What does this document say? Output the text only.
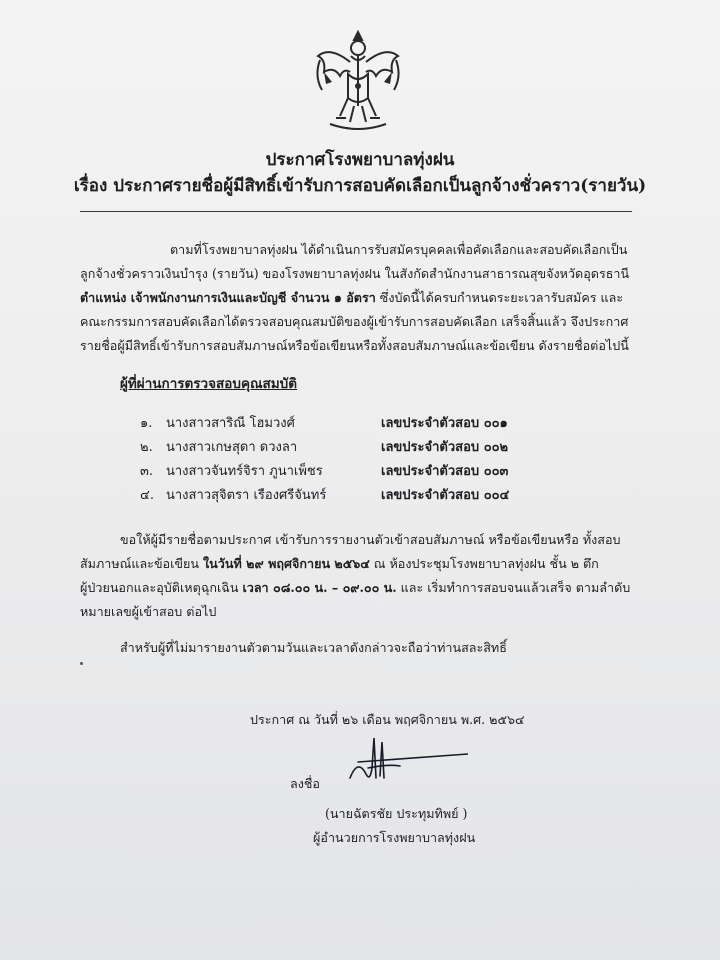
ประกาศโรงพยาบาลทุ่งฝน
เรื่อง ประกาศรายชื่อผู้มีสิทธิ์เข้ารับการสอบคัดเลือกเป็นลูกจ้างชั่วคราว(รายวัน)
ตามที่โรงพยาบาลทุ่งฝน ได้ดำเนินการรับสมัครบุคคลเพื่อคัดเลือกและสอบคัดเลือกเป็น
ลูกจ้างชั่วคราวเงินบำรุง (รายวัน) ของโรงพยาบาลทุ่งฝน ในสังกัดสำนักงานสาธารณสุขจังหวัดอุดรธานี
ตำแหน่ง เจ้าพนักงานการเงินและบัญชี จำนวน ๑ อัตรา ซึ่งบัดนี้ได้ครบกำหนดระยะเวลารับสมัคร และ
คณะกรรมการสอบคัดเลือกได้ตรวจสอบคุณสมบัติของผู้เข้ารับการสอบคัดเลือก เสร็จสิ้นแล้ว จึงประกาศ
รายชื่อผู้มีสิทธิ์เข้ารับการสอบสัมภาษณ์หรือข้อเขียนหรือทั้งสอบสัมภาษณ์และข้อเขียน ดังรายชื่อต่อไปนี้
ผู้ที่ผ่านการตรวจสอบคุณสมบัติ
๑. นางสาวสาริณี โฮมวงศ์	เลขประจำตัวสอบ ๐๐๑
๒. นางสาวเกษสุดา ดวงลา	เลขประจำตัวสอบ ๐๐๒
๓. นางสาวจันทร์จิรา ภูนาเพ็ชร	เลขประจำตัวสอบ ๐๐๓
๔. นางสาวสุจิตรา เรืองศรีจันทร์	เลขประจำตัวสอบ ๐๐๔
ขอให้ผู้มีรายชื่อตามประกาศ เข้ารับการรายงานตัวเข้าสอบสัมภาษณ์ หรือข้อเขียนหรือ ทั้งสอบ
สัมภาษณ์และข้อเขียน ในวันที่ ๒๙ พฤศจิกายน ๒๕๖๔ ณ ห้องประชุมโรงพยาบาลทุ่งฝน ชั้น ๒ ตึก
ผู้ป่วยนอกและอุบัติเหตุฉุกเฉิน เวลา ๐๘.๐๐ น. – ๐๙.๐๐ น. และ เริ่มทำการสอบจนแล้วเสร็จ ตามลำดับ
หมายเลขผู้เข้าสอบ ต่อไป
สำหรับผู้ที่ไม่มารายงานตัวตามวันและเวลาดังกล่าวจะถือว่าท่านสละสิทธิ์
ประกาศ ณ วันที่ ๒๖ เดือน พฤศจิกายน พ.ศ. ๒๕๖๔
ลงชื่อ
(นายฉัตรชัย ประทุมทิพย์ )
ผู้อำนวยการโรงพยาบาลทุ่งฝน
